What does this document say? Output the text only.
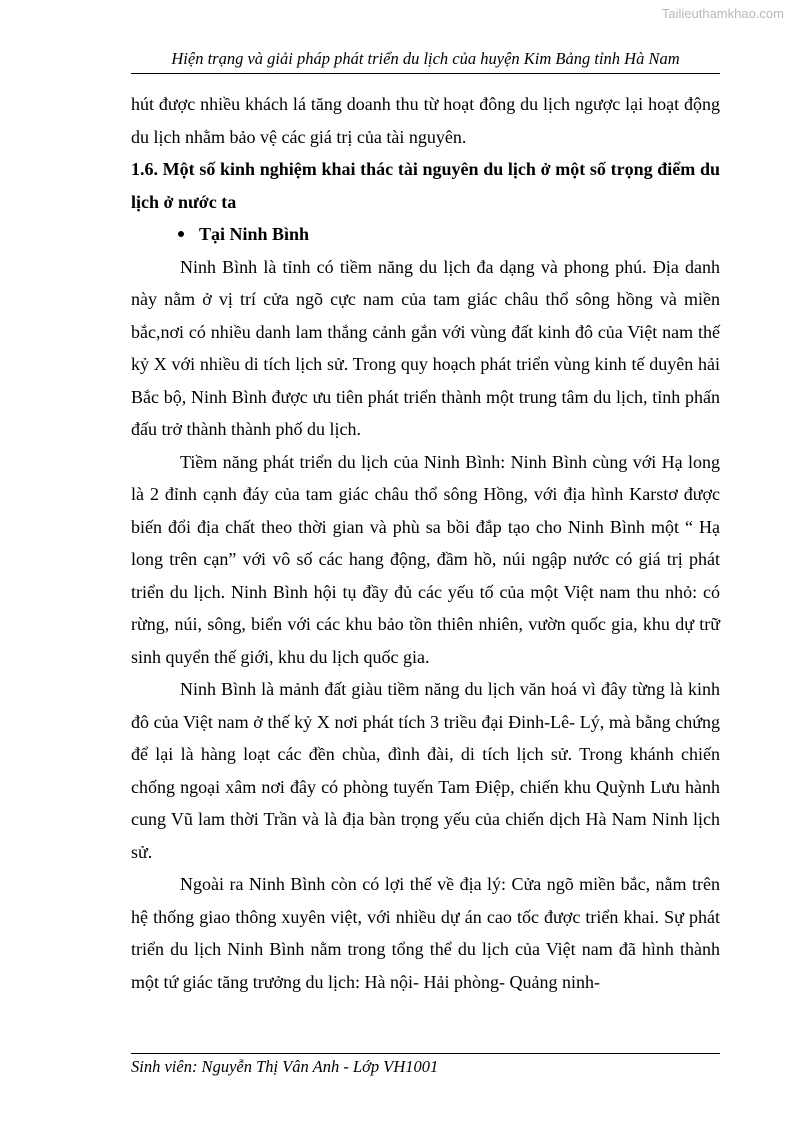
Tailieuthamkhao.com
Hiện trạng và giải pháp phát triển du lịch của huyện Kim Bảng tỉnh Hà Nam

hút được nhiều khách lá tăng doanh thu từ hoạt đông du lịch ngược lại hoạt động du lịch nhằm bảo vệ các giá trị của tài nguyên.

1.6. Một số kinh nghiệm khai thác tài nguyên du lịch ở một số trọng điểm du lịch ở nước ta

Tại Ninh Bình

Ninh Bình là tỉnh có tiềm năng du lịch đa dạng và phong phú. Địa danh này nằm ở vị trí cửa ngõ cực nam của tam giác châu thổ sông hồng và miền bắc,nơi có nhiều danh lam thắng cảnh gắn với vùng đất kinh đô của Việt nam thế kỷ X với nhiều di tích lịch sử. Trong quy hoạch phát triển vùng kinh tế duyên hải Bắc bộ, Ninh Bình được ưu tiên phát triển thành một trung tâm du lịch, tỉnh phấn đấu trở thành thành phố du lịch.

Tiềm năng phát triển du lịch của Ninh Bình: Ninh Bình cùng với Hạ long là 2 đỉnh cạnh đáy của tam giác châu thổ sông Hồng, với địa hình Karstơ được biến đổi địa chất theo thời gian và phù sa bồi đắp tạo cho Ninh Bình một “ Hạ long trên cạn” với vô số các hang động, đầm hồ, núi ngập nước có giá trị phát triển du lịch. Ninh Bình hội tụ đầy đủ các yếu tố của một Việt nam thu nhỏ: có rừng, núi, sông, biển với các khu bảo tồn thiên nhiên, vườn quốc gia, khu dự trữ sinh quyển thế giới, khu du lịch quốc gia.

Ninh Bình là mảnh đất giàu tiềm năng du lịch văn hoá vì đây từng là kinh đô của Việt nam ở thế kỷ X nơi phát tích 3 triều đại Đinh-Lê- Lý, mà bằng chứng để lại là hàng loạt các đền chùa, đình đài, di tích lịch sử. Trong khánh chiến chống ngoại xâm nơi đây có phòng tuyến Tam Điệp, chiến khu Quỳnh Lưu hành cung Vũ lam thời Trần và là địa bàn trọng yếu của chiến dịch Hà Nam Ninh lịch sử.

Ngoài ra Ninh Bình còn có lợi thế về địa lý: Cửa ngõ miền bắc, nằm trên hệ thống giao thông xuyên việt, với nhiều dự án cao tốc được triển khai. Sự phát triển du lịch Ninh Bình nằm trong tổng thể du lịch của Việt nam đã hình thành một tứ giác tăng trưởng du lịch: Hà nội- Hải phòng- Quảng ninh-

Sinh viên: Nguyễn Thị Vân Anh - Lớp VH1001
